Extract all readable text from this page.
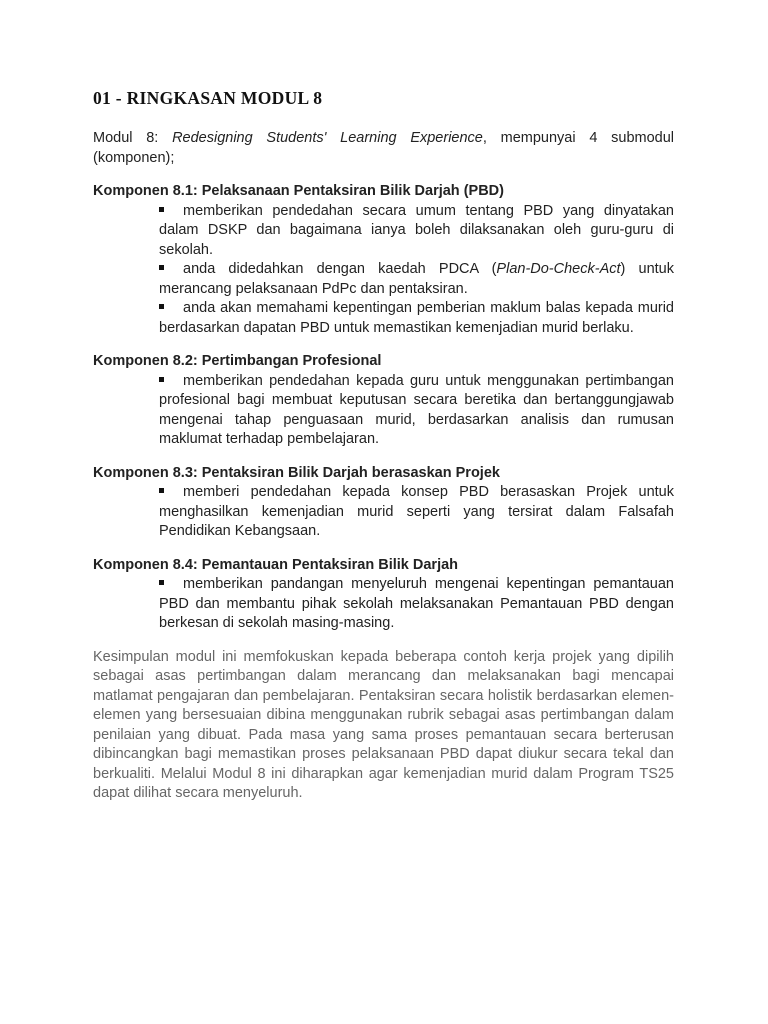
01 - RINGKASAN MODUL 8

Modul 8: Redesigning Students' Learning Experience, mempunyai 4 submodul (komponen);

Komponen 8.1: Pelaksanaan Pentaksiran Bilik Darjah (PBD)

memberikan pendedahan secara umum tentang PBD yang dinyatakan dalam DSKP dan bagaimana ianya boleh dilaksanakan oleh guru-guru di sekolah.
anda didedahkan dengan kaedah PDCA (Plan-Do-Check-Act) untuk merancang pelaksanaan PdPc dan pentaksiran.
anda akan memahami kepentingan pemberian maklum balas kepada murid berdasarkan dapatan PBD untuk memastikan kemenjadian murid berlaku.

Komponen 8.2: Pertimbangan Profesional

memberikan pendedahan kepada guru untuk menggunakan pertimbangan profesional bagi membuat keputusan secara beretika dan bertanggungjawab mengenai tahap penguasaan murid, berdasarkan analisis dan rumusan maklumat terhadap pembelajaran.

Komponen 8.3: Pentaksiran Bilik Darjah berasaskan Projek

memberi pendedahan kepada konsep PBD berasaskan Projek untuk menghasilkan kemenjadian murid seperti yang tersirat dalam Falsafah Pendidikan Kebangsaan.

Komponen 8.4: Pemantauan Pentaksiran Bilik Darjah

memberikan pandangan menyeluruh mengenai kepentingan pemantauan PBD dan membantu pihak sekolah melaksanakan Pemantauan PBD dengan berkesan di sekolah masing-masing.

Kesimpulan modul ini memfokuskan kepada beberapa contoh kerja projek yang dipilih sebagai asas pertimbangan dalam merancang dan melaksanakan bagi mencapai matlamat pengajaran dan pembelajaran. Pentaksiran secara holistik berdasarkan elemen-elemen yang bersesuaian dibina menggunakan rubrik sebagai asas pertimbangan dalam penilaian yang dibuat. Pada masa yang sama proses pemantauan secara berterusan dibincangkan bagi memastikan proses pelaksanaan PBD dapat diukur secara tekal dan berkualiti. Melalui Modul 8 ini diharapkan agar kemenjadian murid dalam Program TS25 dapat dilihat secara menyeluruh.
